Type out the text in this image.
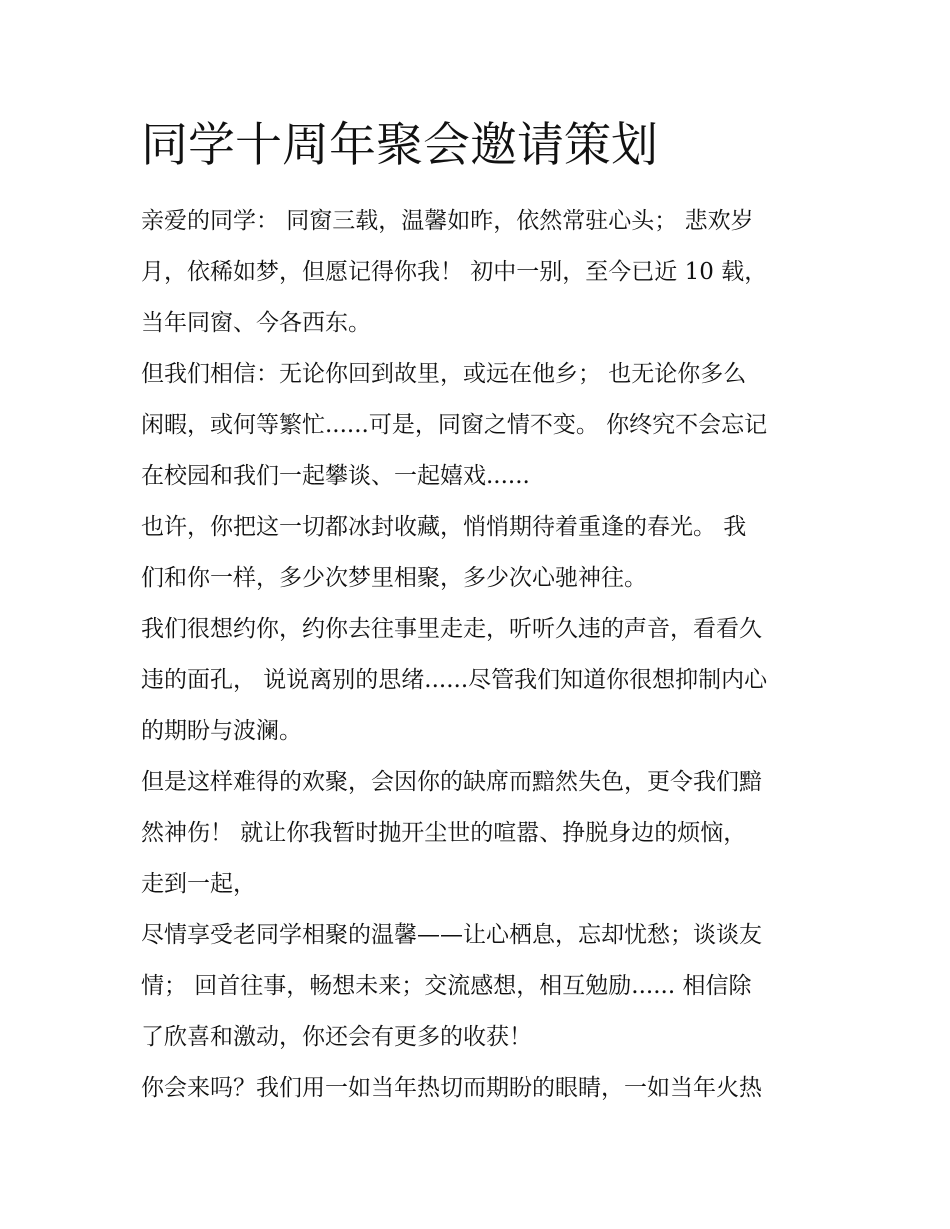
同学十周年聚会邀请策划
亲爱的同学： 同窗三载，温馨如昨，依然常驻心头； 悲欢岁
月，依稀如梦，但愿记得你我！ 初中一别，至今已近 10 载，
当年同窗、今各西东。
但我们相信：无论你回到故里，或远在他乡； 也无论你多么
闲暇，或何等繁忙......可是，同窗之情不变。 你终究不会忘记
在校园和我们一起攀谈、一起嬉戏......
也许，你把这一切都冰封收藏，悄悄期待着重逢的春光。 我
们和你一样，多少次梦里相聚，多少次心驰神往。
我们很想约你，约你去往事里走走，听听久违的声音，看看久
违的面孔， 说说离别的思绪......尽管我们知道你很想抑制内心
的期盼与波澜。
但是这样难得的欢聚，会因你的缺席而黯然失色，更令我们黯
然神伤！ 就让你我暂时抛开尘世的喧嚣、挣脱身边的烦恼，
走到一起，
尽情享受老同学相聚的温馨——让心栖息，忘却忧愁；谈谈友
情； 回首往事，畅想未来；交流感想，相互勉励...... 相信除
了欣喜和激动，你还会有更多的收获！
你会来吗？我们用一如当年热切而期盼的眼睛，一如当年火热
